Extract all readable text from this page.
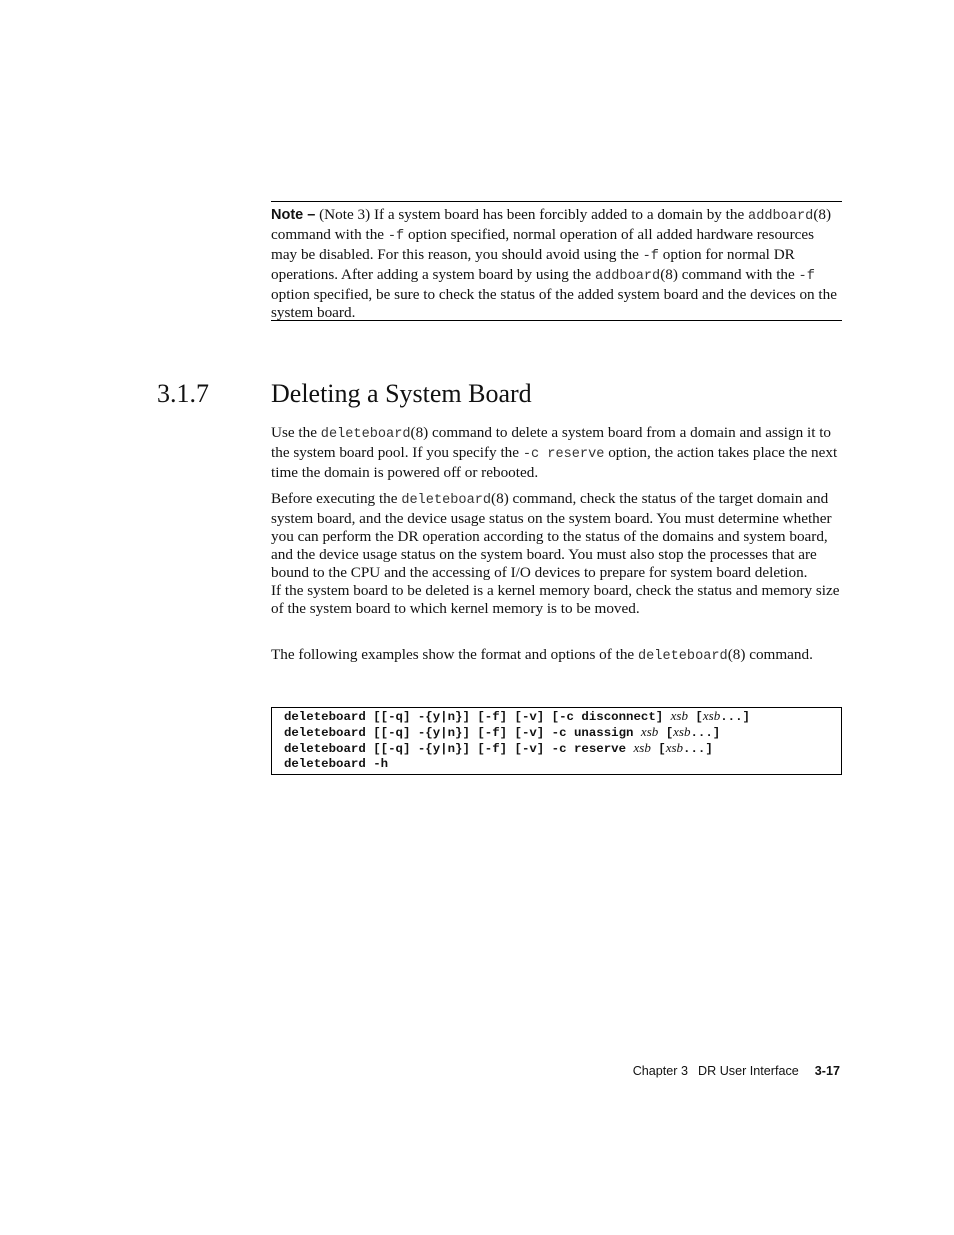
Note – (Note 3) If a system board has been forcibly added to a domain by the addboard(8) command with the -f option specified, normal operation of all added hardware resources may be disabled. For this reason, you should avoid using the -f option for normal DR operations. After adding a system board by using the addboard(8) command with the -f option specified, be sure to check the status of the added system board and the devices on the system board.
3.1.7 Deleting a System Board

Use the deleteboard(8) command to delete a system board from a domain and assign it to the system board pool. If you specify the -c reserve option, the action takes place the next time the domain is powered off or rebooted.

Before executing the deleteboard(8) command, check the status of the target domain and system board, and the device usage status on the system board. You must determine whether you can perform the DR operation according to the status of the domains and system board, and the device usage status on the system board. You must also stop the processes that are bound to the CPU and the accessing of I/O devices to prepare for system board deletion.
If the system board to be deleted is a kernel memory board, check the status and memory size of the system board to which kernel memory is to be moved.

The following examples show the format and options of the deleteboard(8) command.

deleteboard [[-q] -{y|n}] [-f] [-v] [-c disconnect] xsb [xsb...]
deleteboard [[-q] -{y|n}] [-f] [-v] -c unassign xsb [xsb...]
deleteboard [[-q] -{y|n}] [-f] [-v] -c reserve xsb [xsb...]
deleteboard -h
Chapter 3 DR User Interface 3-17
